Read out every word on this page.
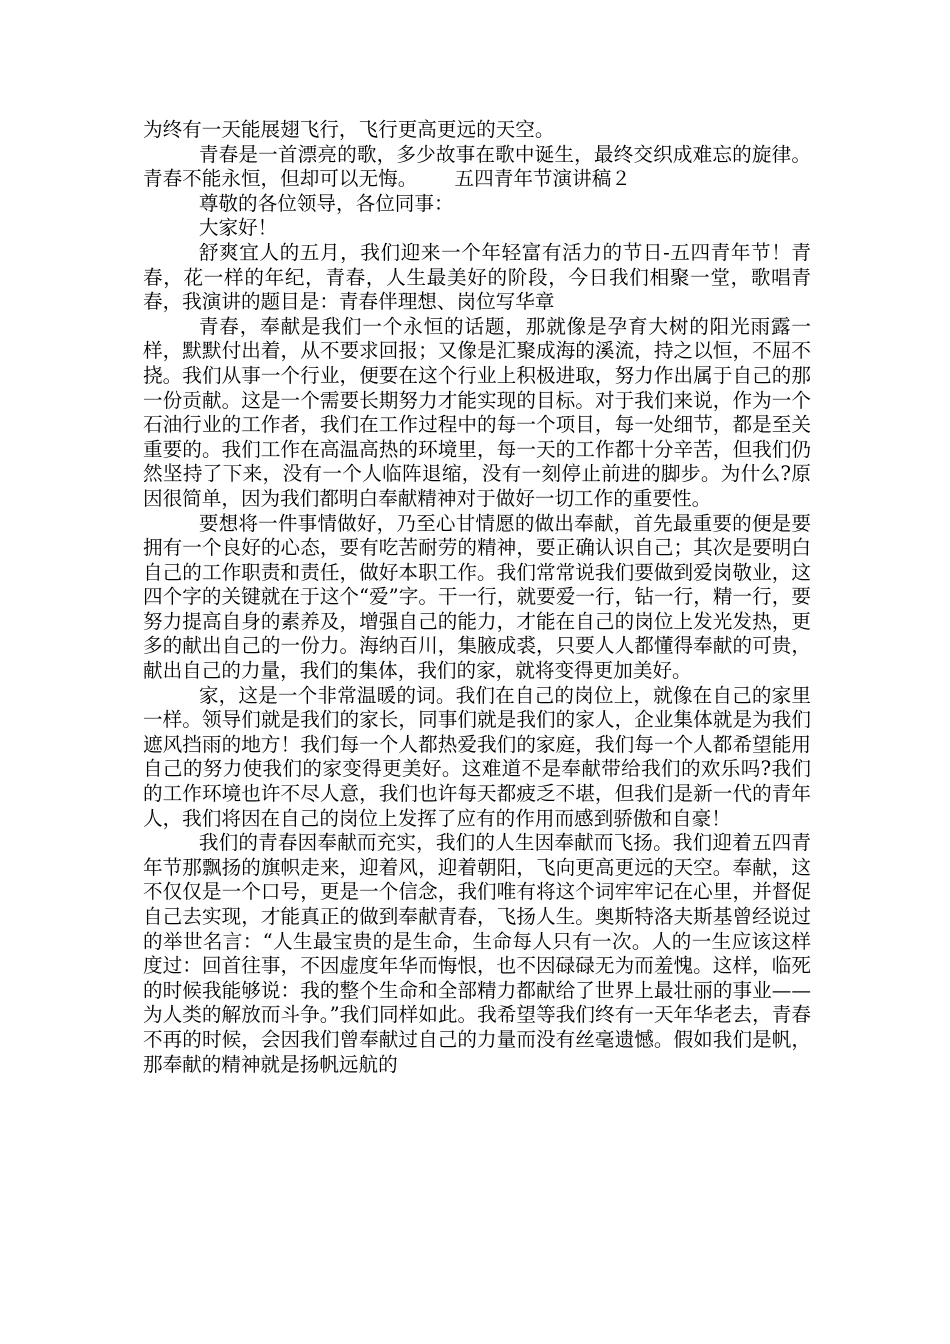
为终有一天能展翅飞行，飞行更高更远的天空。

青春是一首漂亮的歌，多少故事在歌中诞生，最终交织成难忘的旋律。青春不能永恒，但却可以无悔。 五四青年节演讲稿２

尊敬的各位领导，各位同事：

大家好！

舒爽宜人的五月，我们迎来一个年轻富有活力的节日-五四青年节！青春，花一样的年纪，青春，人生最美好的阶段，今日我们相聚一堂，歌唱青春，我演讲的题目是：青春伴理想、岗位写华章

青春，奉献是我们一个永恒的话题，那就像是孕育大树的阳光雨露一样，默默付出着，从不要求回报；又像是汇聚成海的溪流，持之以恒，不屈不挠。我们从事一个行业，便要在这个行业上积极进取，努力作出属于自己的那一份贡献。这是一个需要长期努力才能实现的目标。对于我们来说，作为一个石油行业的工作者，我们在工作过程中的每一个项目，每一处细节，都是至关重要的。我们工作在高温高热的环境里，每一天的工作都十分辛苦，但我们仍然坚持了下来，没有一个人临阵退缩，没有一刻停止前进的脚步。为什么?原因很简单，因为我们都明白奉献精神对于做好一切工作的重要性。

要想将一件事情做好，乃至心甘情愿的做出奉献，首先最重要的便是要拥有一个良好的心态，要有吃苦耐劳的精神，要正确认识自己；其次是要明白自己的工作职责和责任，做好本职工作。我们常常说我们要做到爱岗敬业，这四个字的关键就在于这个“爱”字。干一行，就要爱一行，钻一行，精一行，要努力提高自身的素养及，增强自己的能力，才能在自己的岗位上发光发热，更多的献出自己的一份力。海纳百川，集腋成裘，只要人人都懂得奉献的可贵，献出自己的力量，我们的集体，我们的家，就将变得更加美好。

家，这是一个非常温暖的词。我们在自己的岗位上，就像在自己的家里一样。领导们就是我们的家长，同事们就是我们的家人，企业集体就是为我们遮风挡雨的地方！我们每一个人都热爱我们的家庭，我们每一个人都希望能用自己的努力使我们的家变得更美好。这难道不是奉献带给我们的欢乐吗?我们的工作环境也许不尽人意，我们也许每天都疲乏不堪，但我们是新一代的青年人，我们将因在自己的岗位上发挥了应有的作用而感到骄傲和自豪！

我们的青春因奉献而充实，我们的人生因奉献而飞扬。我们迎着五四青年节那飘扬的旗帜走来，迎着风，迎着朝阳，飞向更高更远的天空。奉献，这不仅仅是一个口号，更是一个信念，我们唯有将这个词牢牢记在心里，并督促自己去实现，才能真正的做到奉献青春，飞扬人生。奥斯特洛夫斯基曾经说过的举世名言：“人生最宝贵的是生命，生命每人只有一次。人的一生应该这样度过：回首往事，不因虚度年华而悔恨，也不因碌碌无为而羞愧。这样，临死的时候我能够说：我的整个生命和全部精力都献给了世界上最壮丽的事业——为人类的解放而斗争。”我们同样如此。我希望等我们终有一天年华老去，青春不再的时候，会因我们曾奉献过自己的力量而没有丝毫遗憾。假如我们是帆，那奉献的精神就是扬帆远航的
